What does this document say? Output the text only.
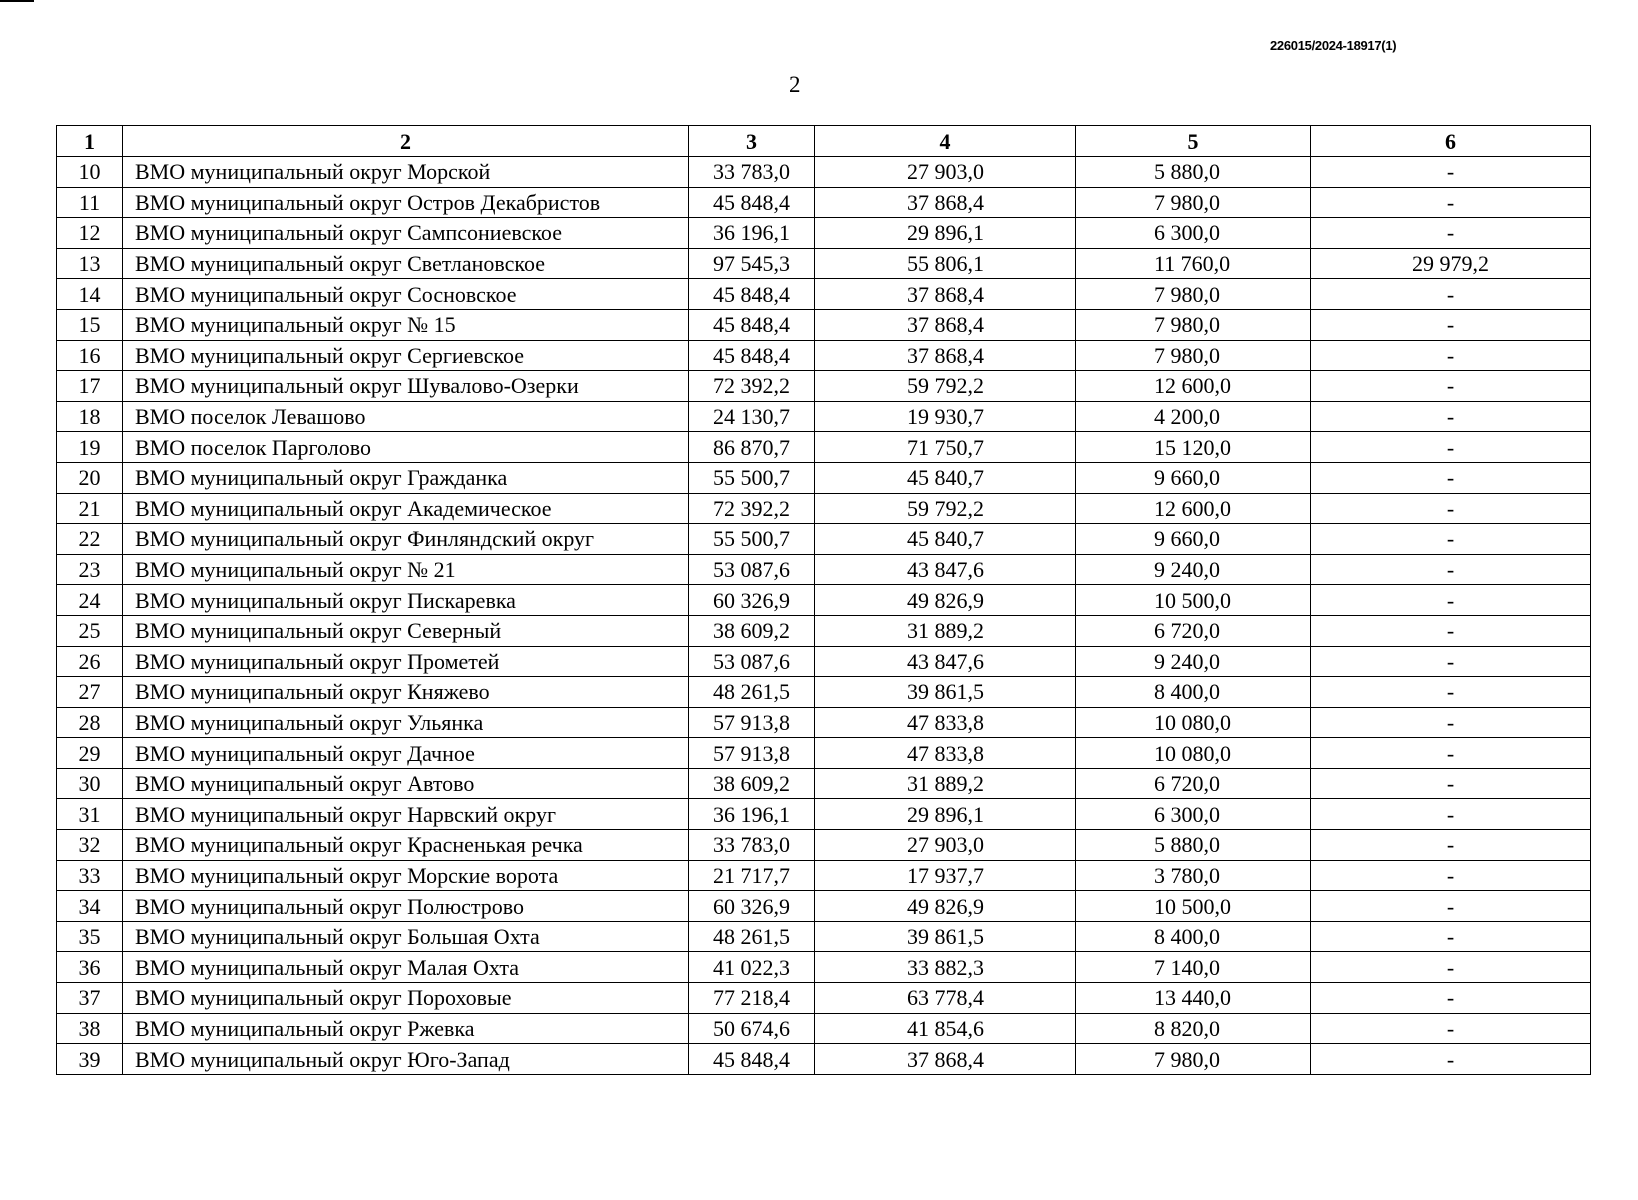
226015/2024-18917(1)
2
1	2	3	4	5	6
10	ВМО муниципальный округ Морской	33 783,0	27 903,0	5 880,0	-
11	ВМО муниципальный округ Остров Декабристов	45 848,4	37 868,4	7 980,0	-
12	ВМО муниципальный округ Сампсониевское	36 196,1	29 896,1	6 300,0	-
13	ВМО муниципальный округ Светлановское	97 545,3	55 806,1	11 760,0	29 979,2
14	ВМО муниципальный округ Сосновское	45 848,4	37 868,4	7 980,0	-
15	ВМО муниципальный округ № 15	45 848,4	37 868,4	7 980,0	-
16	ВМО муниципальный округ Сергиевское	45 848,4	37 868,4	7 980,0	-
17	ВМО муниципальный округ Шувалово-Озерки	72 392,2	59 792,2	12 600,0	-
18	ВМО поселок Левашово	24 130,7	19 930,7	4 200,0	-
19	ВМО поселок Парголово	86 870,7	71 750,7	15 120,0	-
20	ВМО муниципальный округ Гражданка	55 500,7	45 840,7	9 660,0	-
21	ВМО муниципальный округ Академическое	72 392,2	59 792,2	12 600,0	-
22	ВМО муниципальный округ Финляндский округ	55 500,7	45 840,7	9 660,0	-
23	ВМО муниципальный округ № 21	53 087,6	43 847,6	9 240,0	-
24	ВМО муниципальный округ Пискаревка	60 326,9	49 826,9	10 500,0	-
25	ВМО муниципальный округ Северный	38 609,2	31 889,2	6 720,0	-
26	ВМО муниципальный округ Прометей	53 087,6	43 847,6	9 240,0	-
27	ВМО муниципальный округ Княжево	48 261,5	39 861,5	8 400,0	-
28	ВМО муниципальный округ Ульянка	57 913,8	47 833,8	10 080,0	-
29	ВМО муниципальный округ Дачное	57 913,8	47 833,8	10 080,0	-
30	ВМО муниципальный округ Автово	38 609,2	31 889,2	6 720,0	-
31	ВМО муниципальный округ Нарвский округ	36 196,1	29 896,1	6 300,0	-
32	ВМО муниципальный округ Красненькая речка	33 783,0	27 903,0	5 880,0	-
33	ВМО муниципальный округ Морские ворота	21 717,7	17 937,7	3 780,0	-
34	ВМО муниципальный округ Полюстрово	60 326,9	49 826,9	10 500,0	-
35	ВМО муниципальный округ Большая Охта	48 261,5	39 861,5	8 400,0	-
36	ВМО муниципальный округ Малая Охта	41 022,3	33 882,3	7 140,0	-
37	ВМО муниципальный округ Пороховые	77 218,4	63 778,4	13 440,0	-
38	ВМО муниципальный округ Ржевка	50 674,6	41 854,6	8 820,0	-
39	ВМО муниципальный округ Юго-Запад	45 848,4	37 868,4	7 980,0	-
